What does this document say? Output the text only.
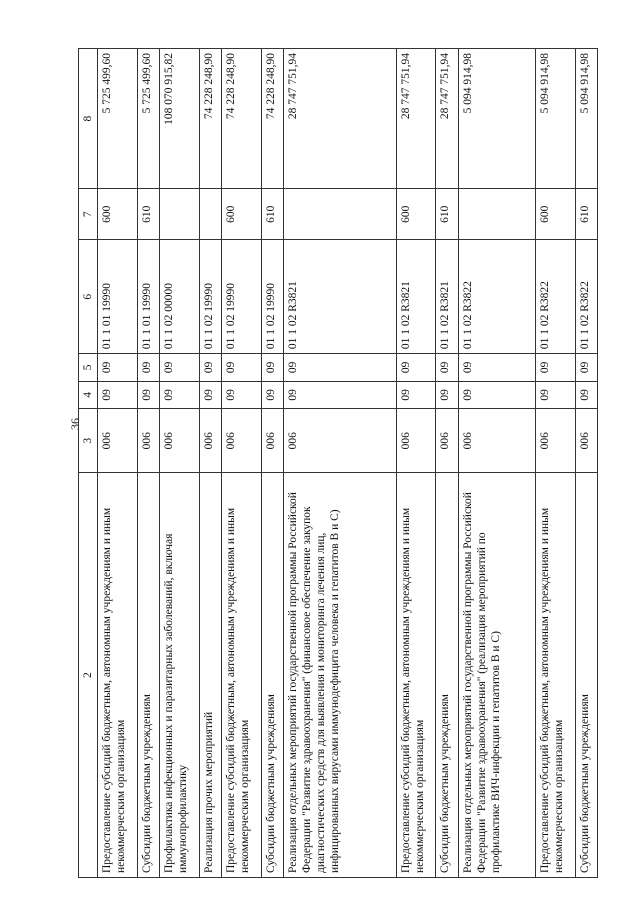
36
2	3	4	5	6	7	8
Предоставление субсидий бюджетным, автономным учреждениям и иным некоммерческим организациям	006	09	09	01 1 01 19990	600	5 725 499,60
Субсидии бюджетным учреждениям	006	09	09	01 1 01 19990	610	5 725 499,60
Профилактика инфекционных и паразитарных заболеваний, включая иммунопрофилактику	006	09	09	01 1 02 00000		108 070 915,82
Реализация прочих мероприятий	006	09	09	01 1 02 19990		74 228 248,90
Предоставление субсидий бюджетным, автономным учреждениям и иным некоммерческим организациям	006	09	09	01 1 02 19990	600	74 228 248,90
Субсидии бюджетным учреждениям	006	09	09	01 1 02 19990	610	74 228 248,90
Реализация отдельных мероприятий государственной программы Российской Федерации "Развитие здравоохранения" (финансовое обеспечение закупок диагностических средств для выявления и мониторинга лечения лиц, инфицированных вирусами иммунодефицита человека и гепатитов В и С)	006	09	09	01 1 02 R3821		28 747 751,94
Предоставление субсидий бюджетным, автономным учреждениям и иным некоммерческим организациям	006	09	09	01 1 02 R3821	600	28 747 751,94
Субсидии бюджетным учреждениям	006	09	09	01 1 02 R3821	610	28 747 751,94
Реализация отдельных мероприятий государственной программы Российской Федерации "Развитие здравоохранения" (реализация мероприятий по профилактике ВИЧ-инфекции и гепатитов В и С)	006	09	09	01 1 02 R3822		5 094 914,98
Предоставление субсидий бюджетным, автономным учреждениям и иным некоммерческим организациям	006	09	09	01 1 02 R3822	600	5 094 914,98
Субсидии бюджетным учреждениям	006	09	09	01 1 02 R3822	610	5 094 914,98
